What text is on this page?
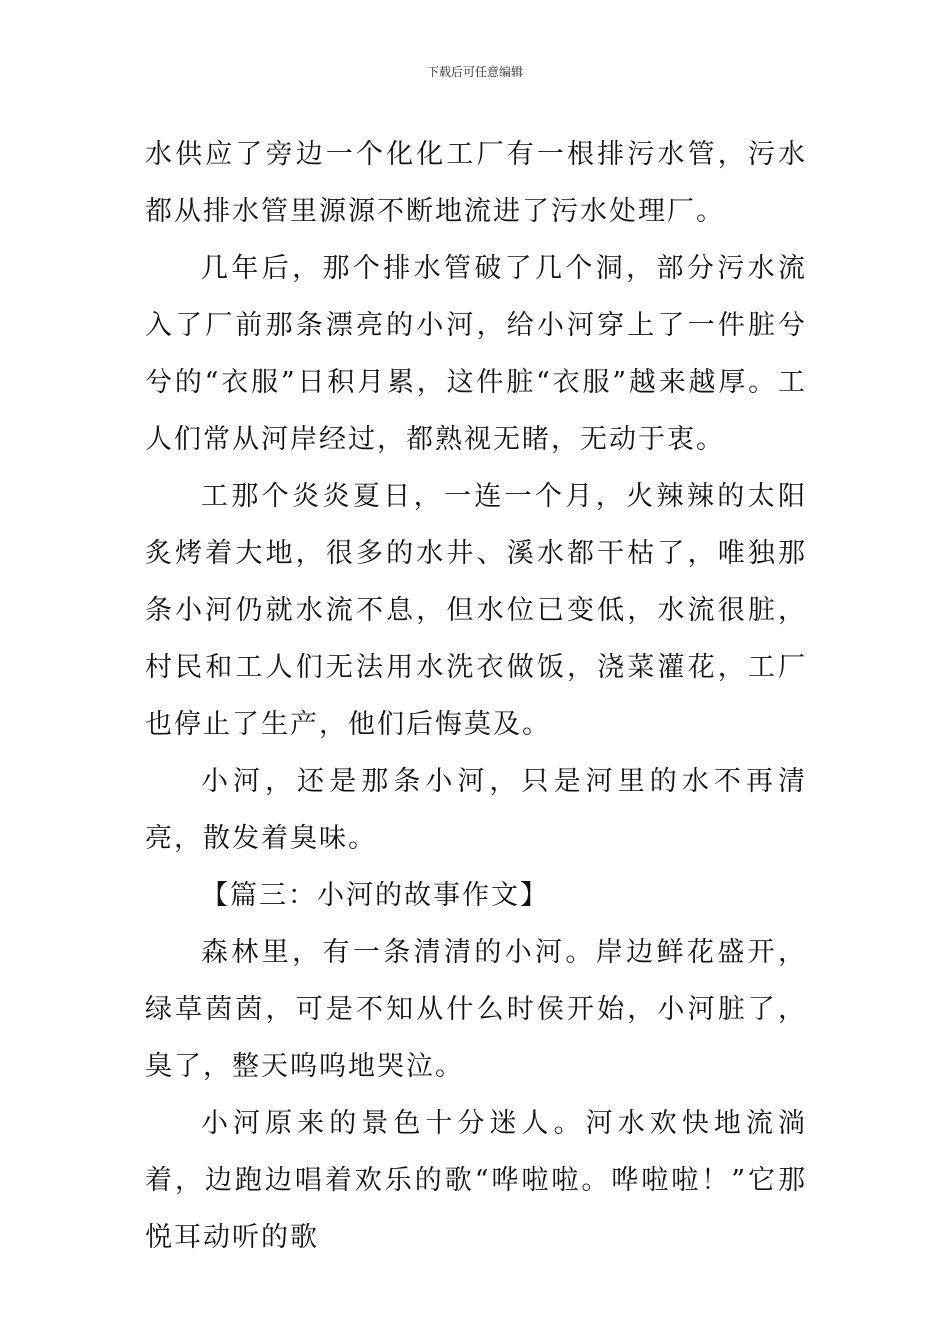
下载后可任意编辑

水供应了旁边一个化化工厂有一根排污水管，污水都从排水管里源源不断地流进了污水处理厂。

几年后，那个排水管破了几个洞，部分污水流入了厂前那条漂亮的小河，给小河穿上了一件脏兮兮的“衣服”日积月累，这件脏“衣服”越来越厚。工人们常从河岸经过，都熟视无睹，无动于衷。

工那个炎炎夏日，一连一个月，火辣辣的太阳炙烤着大地，很多的水井、溪水都干枯了，唯独那条小河仍就水流不息，但水位已变低，水流很脏，村民和工人们无法用水洗衣做饭，浇菜灌花，工厂也停止了生产，他们后悔莫及。

小河，还是那条小河，只是河里的水不再清亮，散发着臭味。

【篇三：小河的故事作文】

森林里，有一条清清的小河。岸边鲜花盛开，绿草茵茵，可是不知从什么时侯开始，小河脏了，臭了，整天呜呜地哭泣。

小河原来的景色十分迷人。河水欢快地流淌着，边跑边唱着欢乐的歌“哗啦啦。哗啦啦！”它那悦耳动听的歌
